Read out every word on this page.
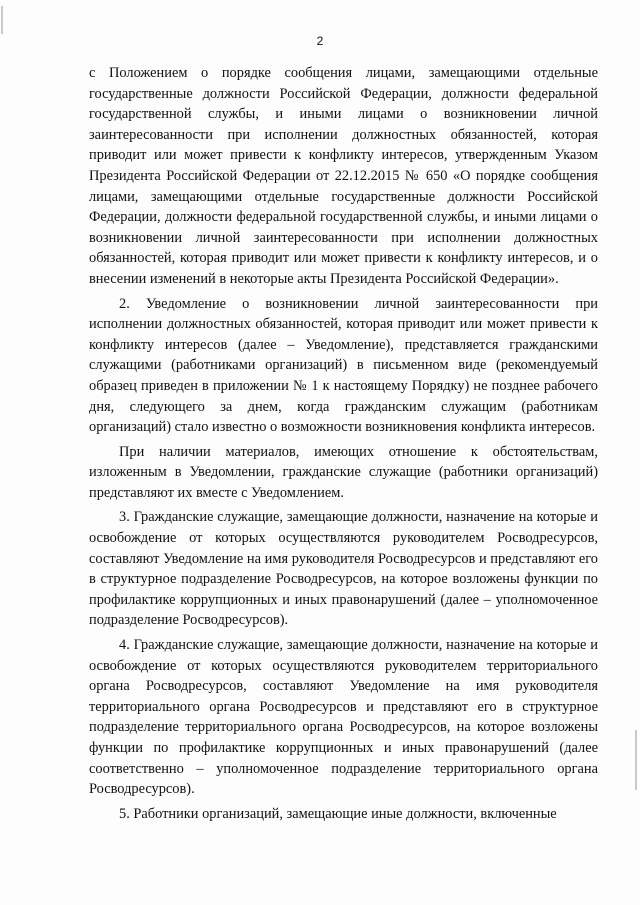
2

с Положением о порядке сообщения лицами, замещающими отдельные государственные должности Российской Федерации, должности федеральной государственной службы, и иными лицами о возникновении личной заинтересованности при исполнении должностных обязанностей, которая приводит или может привести к конфликту интересов, утвержденным Указом Президента Российской Федерации от 22.12.2015 № 650 «О порядке сообщения лицами, замещающими отдельные государственные должности Российской Федерации, должности федеральной государственной службы, и иными лицами о возникновении личной заинтересованности при исполнении должностных обязанностей, которая приводит или может привести к конфликту интересов, и о внесении изменений в некоторые акты Президента Российской Федерации».

2. Уведомление о возникновении личной заинтересованности при исполнении должностных обязанностей, которая приводит или может привести к конфликту интересов (далее – Уведомление), представляется гражданскими служащими (работниками организаций) в письменном виде (рекомендуемый образец приведен в приложении № 1 к настоящему Порядку) не позднее рабочего дня, следующего за днем, когда гражданским служащим (работникам организаций) стало известно о возможности возникновения конфликта интересов.

При наличии материалов, имеющих отношение к обстоятельствам, изложенным в Уведомлении, гражданские служащие (работники организаций) представляют их вместе с Уведомлением.

3. Гражданские служащие, замещающие должности, назначение на которые и освобождение от которых осуществляются руководителем Росводресурсов, составляют Уведомление на имя руководителя Росводресурсов и представляют его в структурное подразделение Росводресурсов, на которое возложены функции по профилактике коррупционных и иных правонарушений (далее – уполномоченное подразделение Росводресурсов).

4. Гражданские служащие, замещающие должности, назначение на которые и освобождение от которых осуществляются руководителем территориального органа Росводресурсов, составляют Уведомление на имя руководителя территориального органа Росводресурсов и представляют его в структурное подразделение территориального органа Росводресурсов, на которое возложены функции по профилактике коррупционных и иных правонарушений (далее соответственно – уполномоченное подразделение территориального органа Росводресурсов).

5. Работники организаций, замещающие иные должности, включенные
